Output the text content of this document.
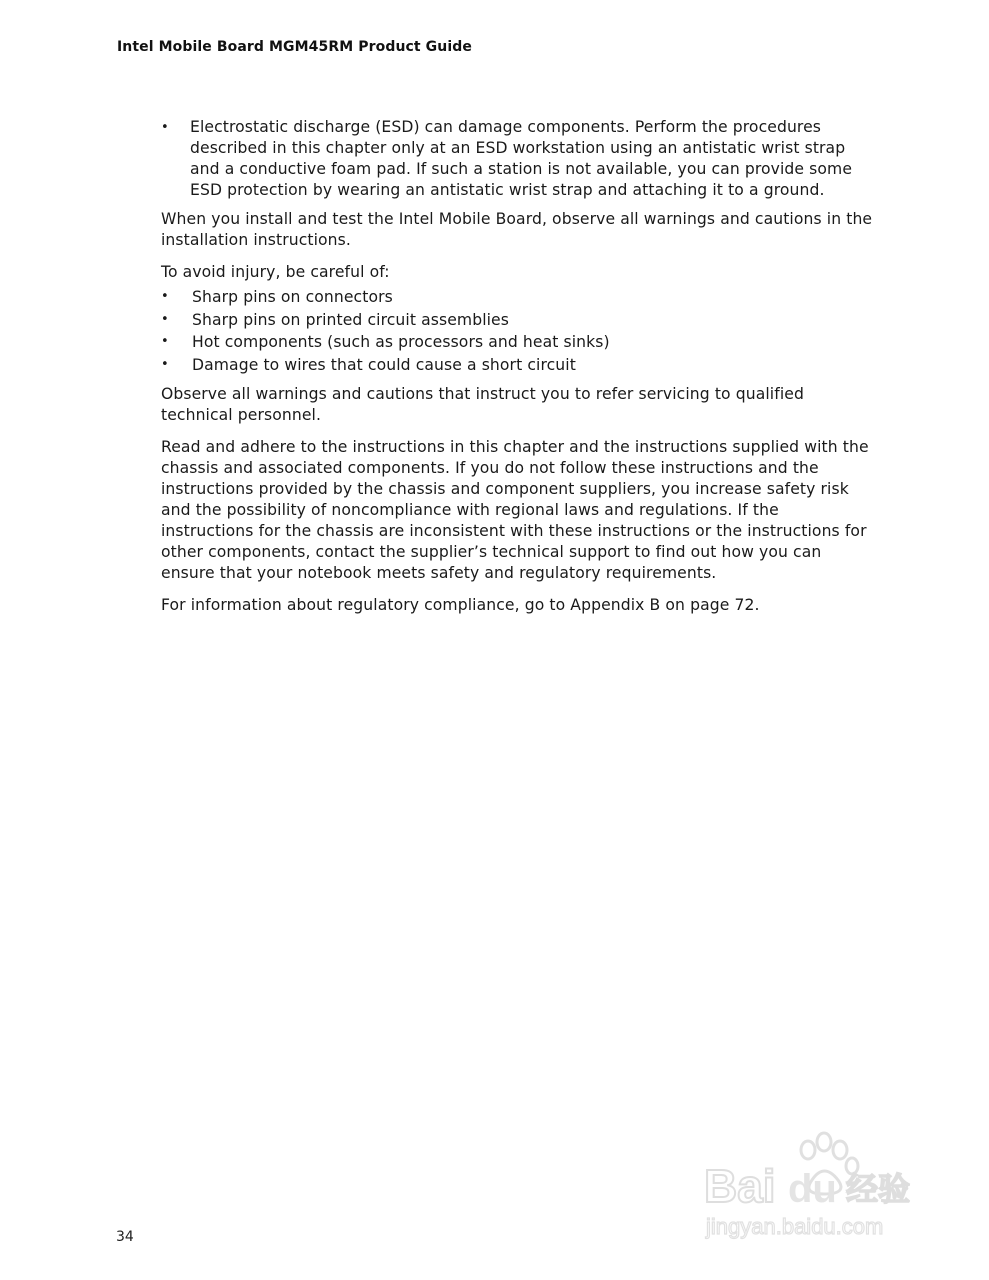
Intel Mobile Board MGM45RM Product Guide
• Electrostatic discharge (ESD) can damage components. Perform the procedures described in this chapter only at an ESD workstation using an antistatic wrist strap and a conductive foam pad. If such a station is not available, you can provide some ESD protection by wearing an antistatic wrist strap and attaching it to a ground.

When you install and test the Intel Mobile Board, observe all warnings and cautions in the installation instructions.

To avoid injury, be careful of:

• Sharp pins on connectors
• Sharp pins on printed circuit assemblies
• Hot components (such as processors and heat sinks)
• Damage to wires that could cause a short circuit

Observe all warnings and cautions that instruct you to refer servicing to qualified technical personnel.

Read and adhere to the instructions in this chapter and the instructions supplied with the chassis and associated components. If you do not follow these instructions and the instructions provided by the chassis and component suppliers, you increase safety risk and the possibility of noncompliance with regional laws and regulations. If the instructions for the chassis are inconsistent with these instructions or the instructions for other components, contact the supplier’s technical support to find out how you can ensure that your notebook meets safety and regulatory requirements.

For information about regulatory compliance, go to Appendix B on page 72.

34
Bai du 经验
jingyan.baidu.com
